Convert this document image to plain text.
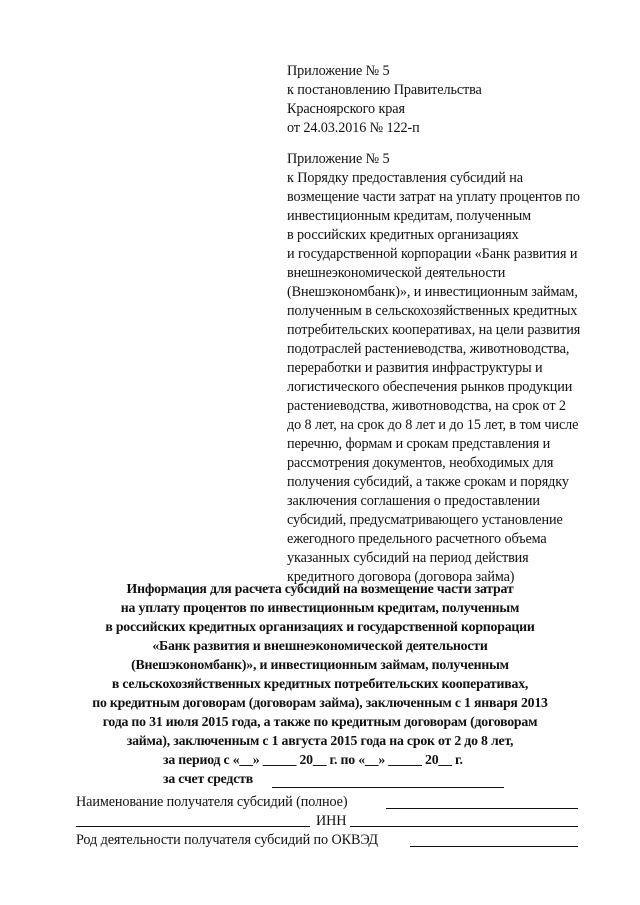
Приложение № 5
к постановлению Правительства
Красноярского края
от 24.03.2016 № 122-п
Приложение № 5
к Порядку предоставления субсидий на
возмещение части затрат на уплату процентов по
инвестиционным кредитам, полученным
в российских кредитных организациях
и государственной корпорации «Банк развития и
внешнеэкономической деятельности
(Внешэкономбанк)», и инвестиционным займам,
полученным в сельскохозяйственных кредитных
потребительских кооперативах, на цели развития
подотраслей растениеводства, животноводства,
переработки и развития инфраструктуры и
логистического обеспечения рынков продукции
растениеводства, животноводства, на срок от 2
до 8 лет, на срок до 8 лет и до 15 лет, в том числе
перечню, формам и срокам представления и
рассмотрения документов, необходимых для
получения субсидий, а также срокам и порядку
заключения соглашения о предоставлении
субсидий, предусматривающего установление
ежегодного предельного расчетного объема
указанных субсидий на период действия
кредитного договора (договора займа)
Информация для расчета субсидий на возмещение части затрат
на уплату процентов по инвестиционным кредитам, полученным
в российских кредитных организациях и государственной корпорации
«Банк развития и внешнеэкономической деятельности
(Внешэкономбанк)», и инвестиционным займам, полученным
в сельскохозяйственных кредитных потребительских кооперативах,
по кредитным договорам (договорам займа), заключенным с 1 января 2013
года по 31 июля 2015 года, а также по кредитным договорам (договорам
займа), заключенным с 1 августа 2015 года на срок от 2 до 8 лет,
за период с «__» _____ 20__ г. по «__» _____ 20__ г.
за счет средств
Наименование получателя субсидий (полное)
ИНН
Род деятельности получателя субсидий по ОКВЭД
